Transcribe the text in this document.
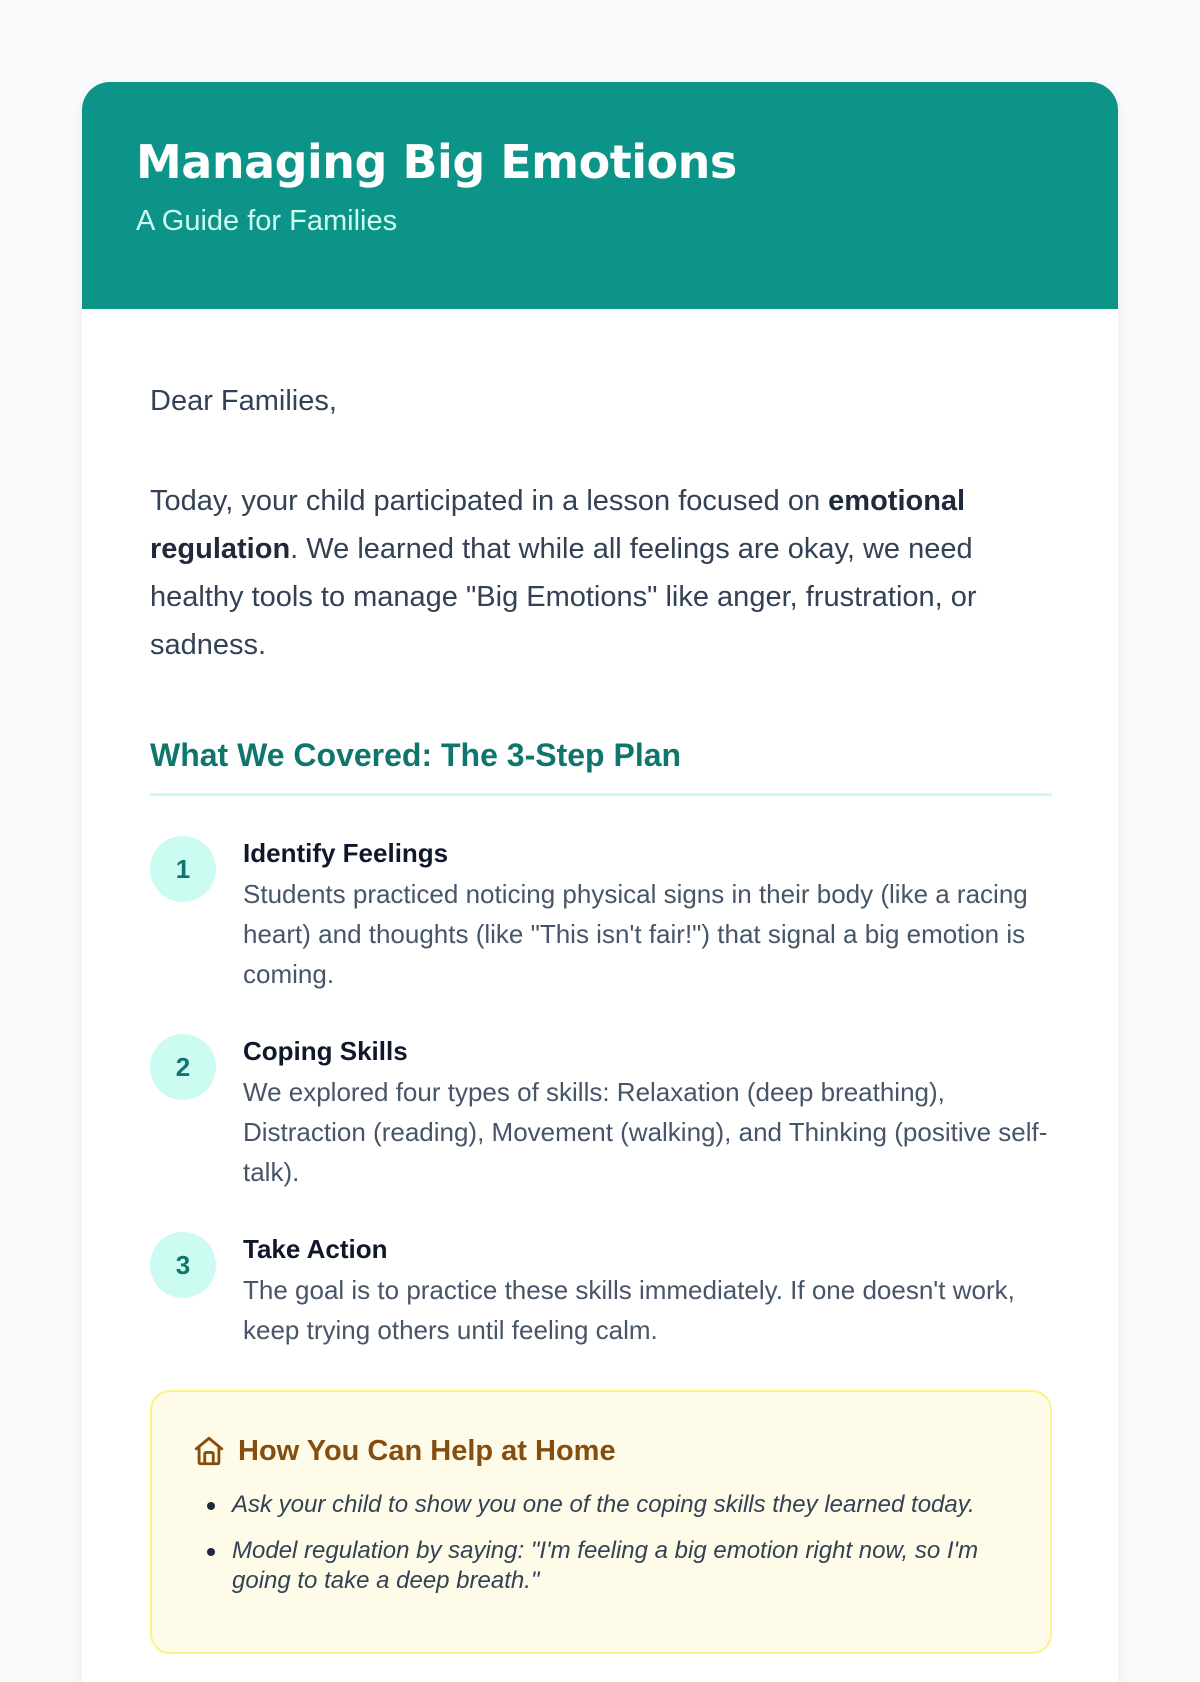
Managing Big Emotions
A Guide for Families

Dear Families,

Today, your child participated in a lesson focused on emotional regulation. We learned that while all feelings are okay, we need healthy tools to manage "Big Emotions" like anger, frustration, or sadness.

What We Covered: The 3-Step Plan
1
Identify Feelings
Students practiced noticing physical signs in their body (like a racing heart) and thoughts (like "This isn't fair!") that signal a big emotion is coming.
2
Coping Skills
We explored four types of skills: Relaxation (deep breathing), Distraction (reading), Movement (walking), and Thinking (positive self-talk).
3
Take Action
The goal is to practice these skills immediately. If one doesn't work, keep trying others until feeling calm.
How You Can Help at Home
Ask your child to show you one of the coping skills they learned today.
Model regulation by saying: "I'm feeling a big emotion right now, so I'm going to take a deep breath."
